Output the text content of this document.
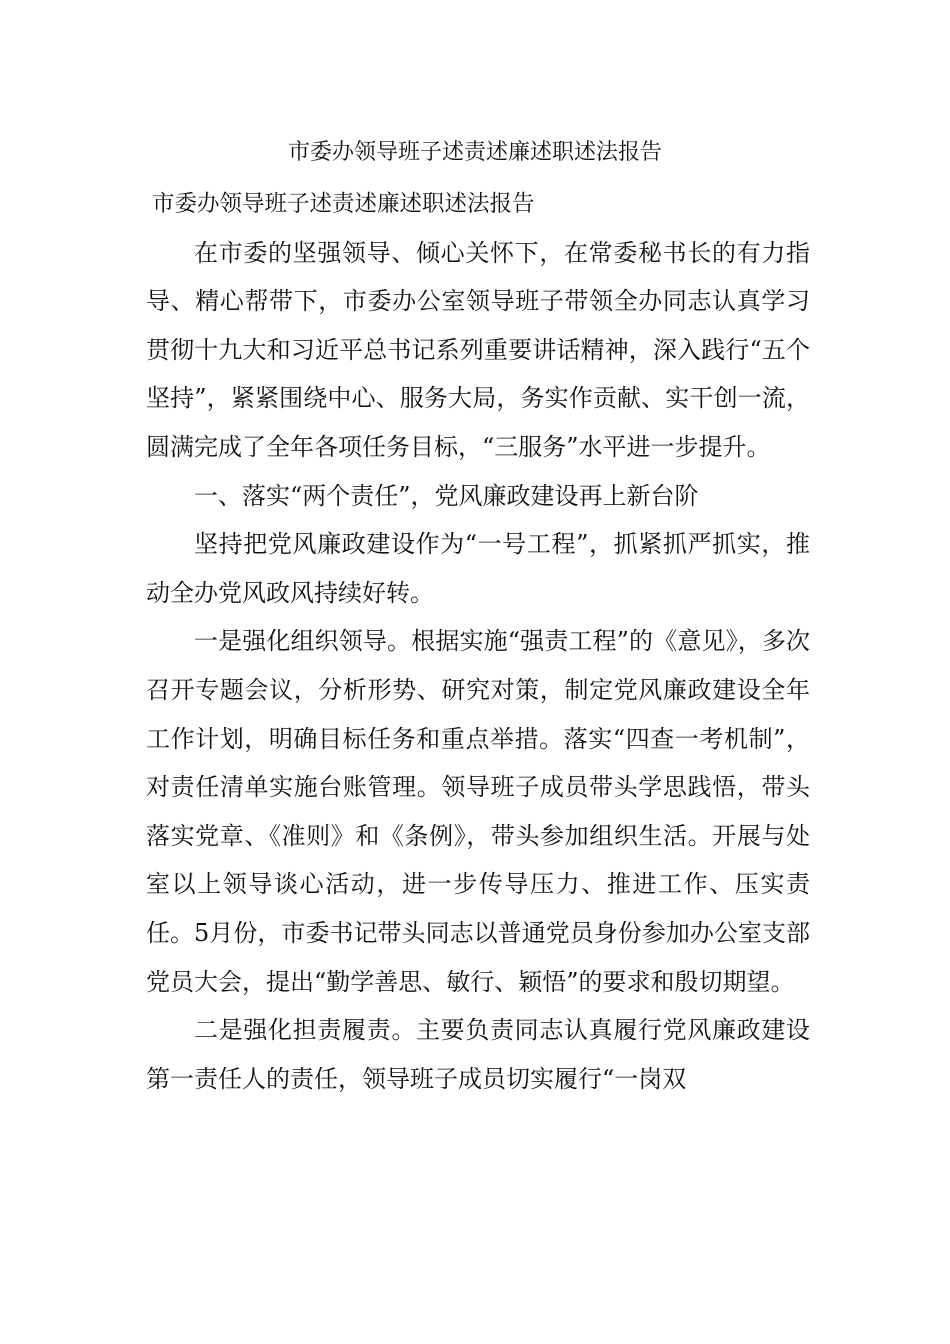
市委办领导班子述责述廉述职述法报告

市委办领导班子述责述廉述职述法报告

在市委的坚强领导、倾心关怀下，在常委秘书长的有力指导、精心帮带下，市委办公室领导班子带领全办同志认真学习贯彻十九大和习近平总书记系列重要讲话精神，深入践行“五个坚持”，紧紧围绕中心、服务大局，务实作贡献、实干创一流，圆满完成了全年各项任务目标，“三服务”水平进一步提升。

一、落实“两个责任”，党风廉政建设再上新台阶

坚持把党风廉政建设作为“一号工程”，抓紧抓严抓实，推动全办党风政风持续好转。

一是强化组织领导。根据实施“强责工程”的《意见》，多次召开专题会议，分析形势、研究对策，制定党风廉政建设全年工作计划，明确目标任务和重点举措。落实“四查一考机制”，对责任清单实施台账管理。领导班子成员带头学思践悟，带头落实党章、《准则》和《条例》，带头参加组织生活。开展与处室以上领导谈心活动，进一步传导压力、推进工作、压实责任。5月份，市委书记带头同志以普通党员身份参加办公室支部党员大会，提出“勤学善思、敏行、颖悟”的要求和殷切期望。

二是强化担责履责。主要负责同志认真履行党风廉政建设第一责任人的责任，领导班子成员切实履行“一岗双
